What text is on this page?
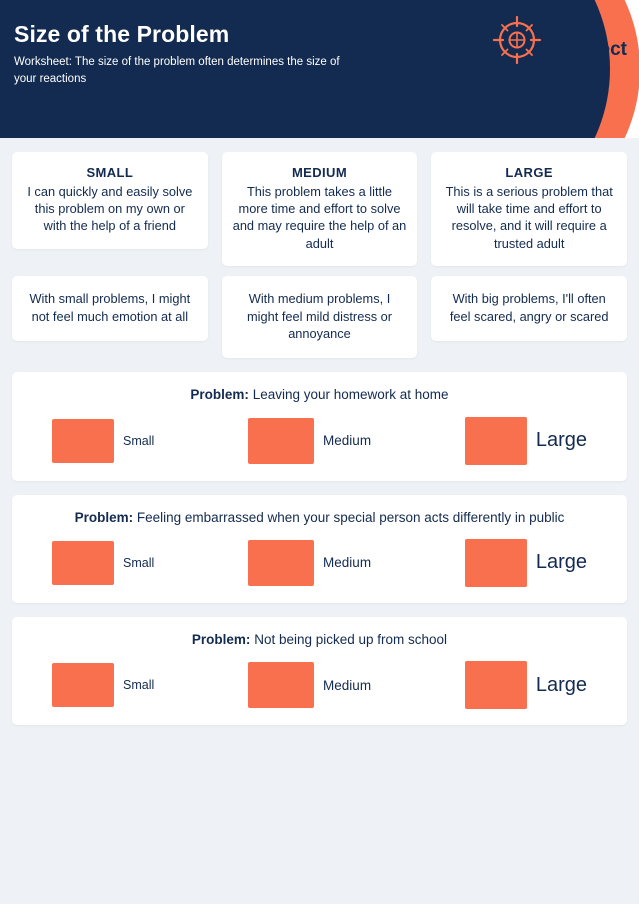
Size of the Problem
Worksheet: The size of the problem often determines the size of your reactions
Brain
Connect
SMALL
I can quickly and easily solve this problem on my own or with the help of a friend
MEDIUM
This problem takes a little more time and effort to solve and may require the help of an adult
LARGE
This is a serious problem that will take time and effort to resolve, and it will require a trusted adult
With small problems, I might not feel much emotion at all
With medium problems, I might feel mild distress or annoyance
With big problems, I'll often feel scared, angry or scared
Problem: Leaving your homework at home
Small	Medium	Large
Problem: Feeling embarrassed when your special person acts differently in public
Small	Medium	Large
Problem: Not being picked up from school
Small	Medium	Large
